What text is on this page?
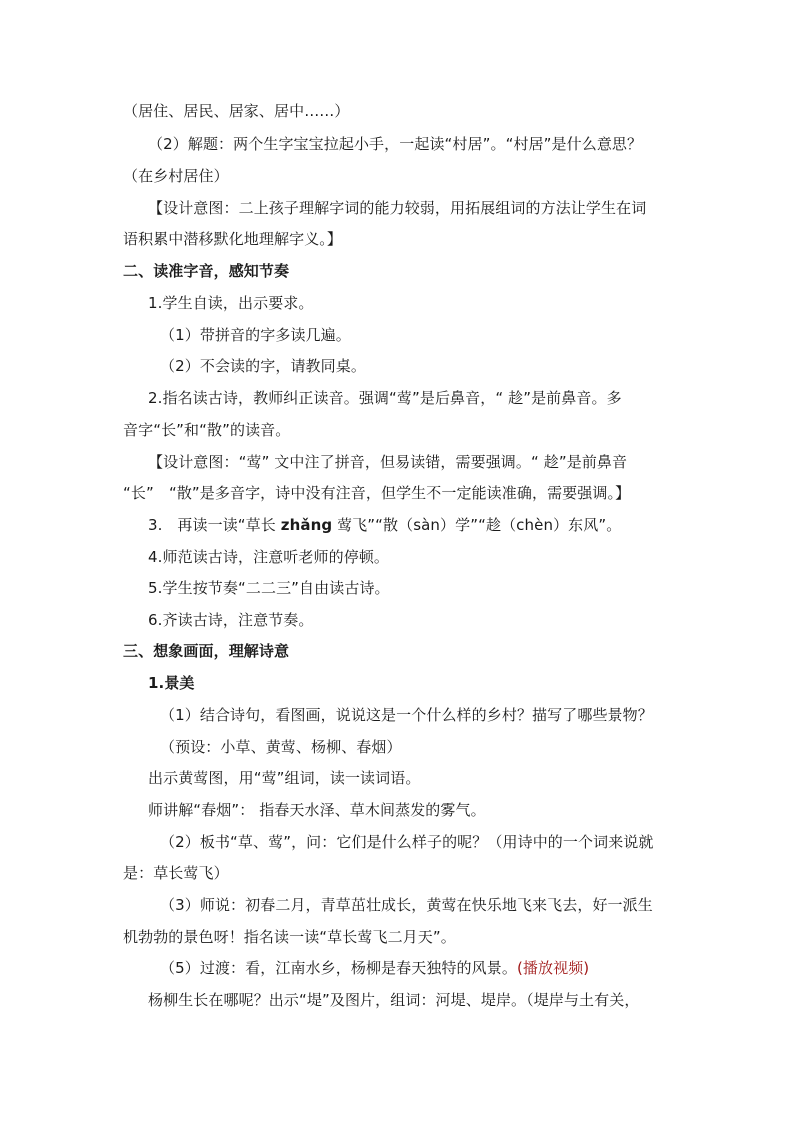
（居住、居民、居家、居中……）
（2）解题：两个生字宝宝拉起小手，一起读“村居”。“村居”是什么意思？
（在乡村居住）
【设计意图：二上孩子理解字词的能力较弱，用拓展组词的方法让学生在词
语积累中潜移默化地理解字义。】
二、读准字音，感知节奏
1.学生自读，出示要求。
（1）带拼音的字多读几遍。
（2）不会读的字，请教同桌。
2.指名读古诗，教师纠正读音。强调“莺”是后鼻音，“ 趁”是前鼻音。多
音字“长”和“散”的读音。
【设计意图：“莺” 文中注了拼音，但易读错，需要强调。“ 趁”是前鼻音
“长”　“散”是多音字，诗中没有注音，但学生不一定能读准确，需要强调。】
3. 再读一读“草长 zhǎng 莺飞”“散（sàn）学”“趁（chèn）东风”。
4.师范读古诗，注意听老师的停顿。
5.学生按节奏“二二三”自由读古诗。
6.齐读古诗，注意节奏。
三、想象画面，理解诗意
1.景美
（1）结合诗句，看图画，说说这是一个什么样的乡村？描写了哪些景物？
（预设：小草、黄莺、杨柳、春烟）
出示黄莺图，用“莺”组词，读一读词语。
师讲解“春烟”： 指春天水泽、草木间蒸发的雾气。
（2）板书“草、莺”，问：它们是什么样子的呢？（用诗中的一个词来说就
是：草长莺飞）
（3）师说：初春二月，青草茁壮成长，黄莺在快乐地飞来飞去，好一派生
机勃勃的景色呀！指名读一读“草长莺飞二月天”。
（5）过渡：看，江南水乡，杨柳是春天独特的风景。(播放视频)
杨柳生长在哪呢？出示“堤”及图片，组词：河堤、堤岸。（堤岸与土有关，
